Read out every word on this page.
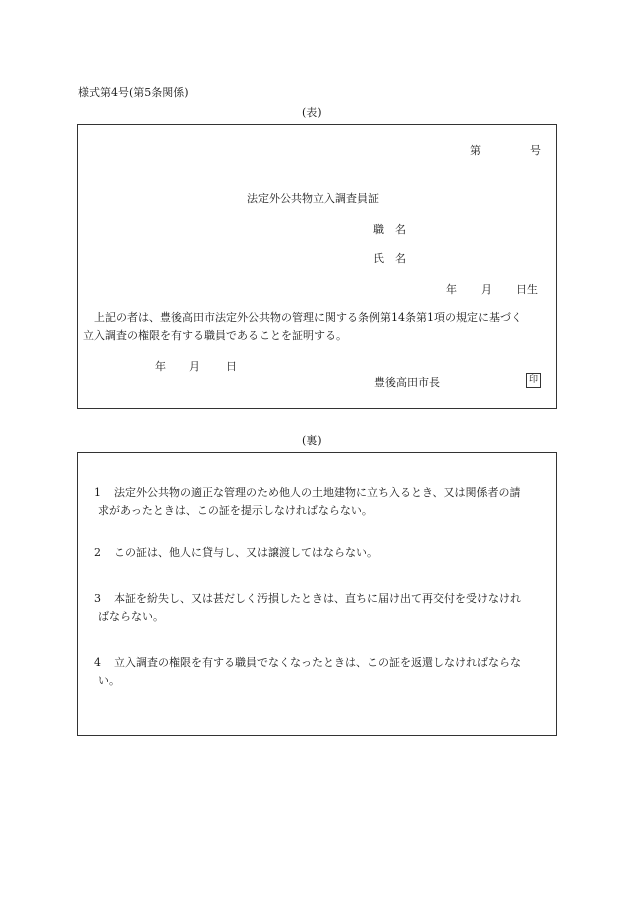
様式第4号(第5条関係)
(表)
第	号
法定外公共物立入調査員証
職　名
氏　名
年 月 日生
上記の者は、豊後高田市法定外公共物の管理に関する条例第14条第1項の規定に基づく
立入調査の権限を有する職員であることを証明する。
年 月 日
豊後高田市長	印
(裏)
1 法定外公共物の適正な管理のため他人の土地建物に立ち入るとき、又は関係者の請
求があったときは、この証を提示しなければならない。
2 この証は、他人に貸与し、又は譲渡してはならない。
3 本証を紛失し、又は甚だしく汚損したときは、直ちに届け出て再交付を受けなけれ
ばならない。
4 立入調査の権限を有する職員でなくなったときは、この証を返還しなければならな
い。
